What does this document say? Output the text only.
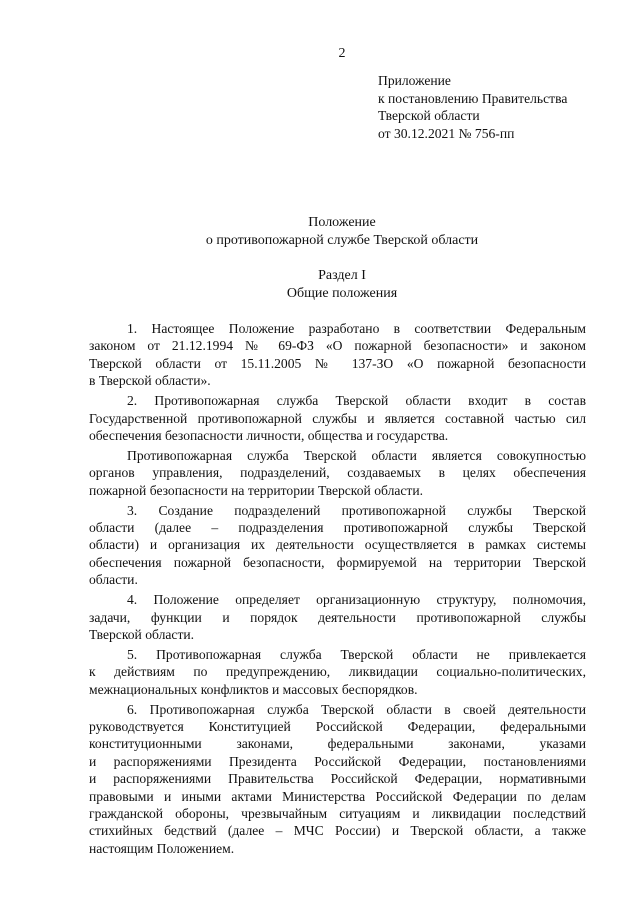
2
Приложение
к постановлению Правительства
Тверской области
от 30.12.2021 № 756-пп
Положение
о противопожарной службе Тверской области
Раздел I
Общие положения
1. Настоящее Положение разработано в соответствии Федеральным
законом от 21.12.1994 № 69-ФЗ «О пожарной безопасности» и законом
Тверской области от 15.11.2005 № 137-ЗО «О пожарной безопасности
в Тверской области».
2. Противопожарная служба Тверской области входит в состав
Государственной противопожарной службы и является составной частью сил
обеспечения безопасности личности, общества и государства.
Противопожарная служба Тверской области является совокупностью
органов управления, подразделений, создаваемых в целях обеспечения
пожарной безопасности на территории Тверской области.
3. Создание подразделений противопожарной службы Тверской
области (далее – подразделения противопожарной службы Тверской
области) и организация их деятельности осуществляется в рамках системы
обеспечения пожарной безопасности, формируемой на территории Тверской
области.
4. Положение определяет организационную структуру, полномочия,
задачи, функции и порядок деятельности противопожарной службы
Тверской области.
5. Противопожарная служба Тверской области не привлекается
к действиям по предупреждению, ликвидации социально-политических,
межнациональных конфликтов и массовых беспорядков.
6. Противопожарная служба Тверской области в своей деятельности
руководствуется Конституцией Российской Федерации, федеральными
конституционными законами, федеральными законами, указами
и распоряжениями Президента Российской Федерации, постановлениями
и распоряжениями Правительства Российской Федерации, нормативными
правовыми и иными актами Министерства Российской Федерации по делам
гражданской обороны, чрезвычайным ситуациям и ликвидации последствий
стихийных бедствий (далее – МЧС России) и Тверской области, а также
настоящим Положением.
